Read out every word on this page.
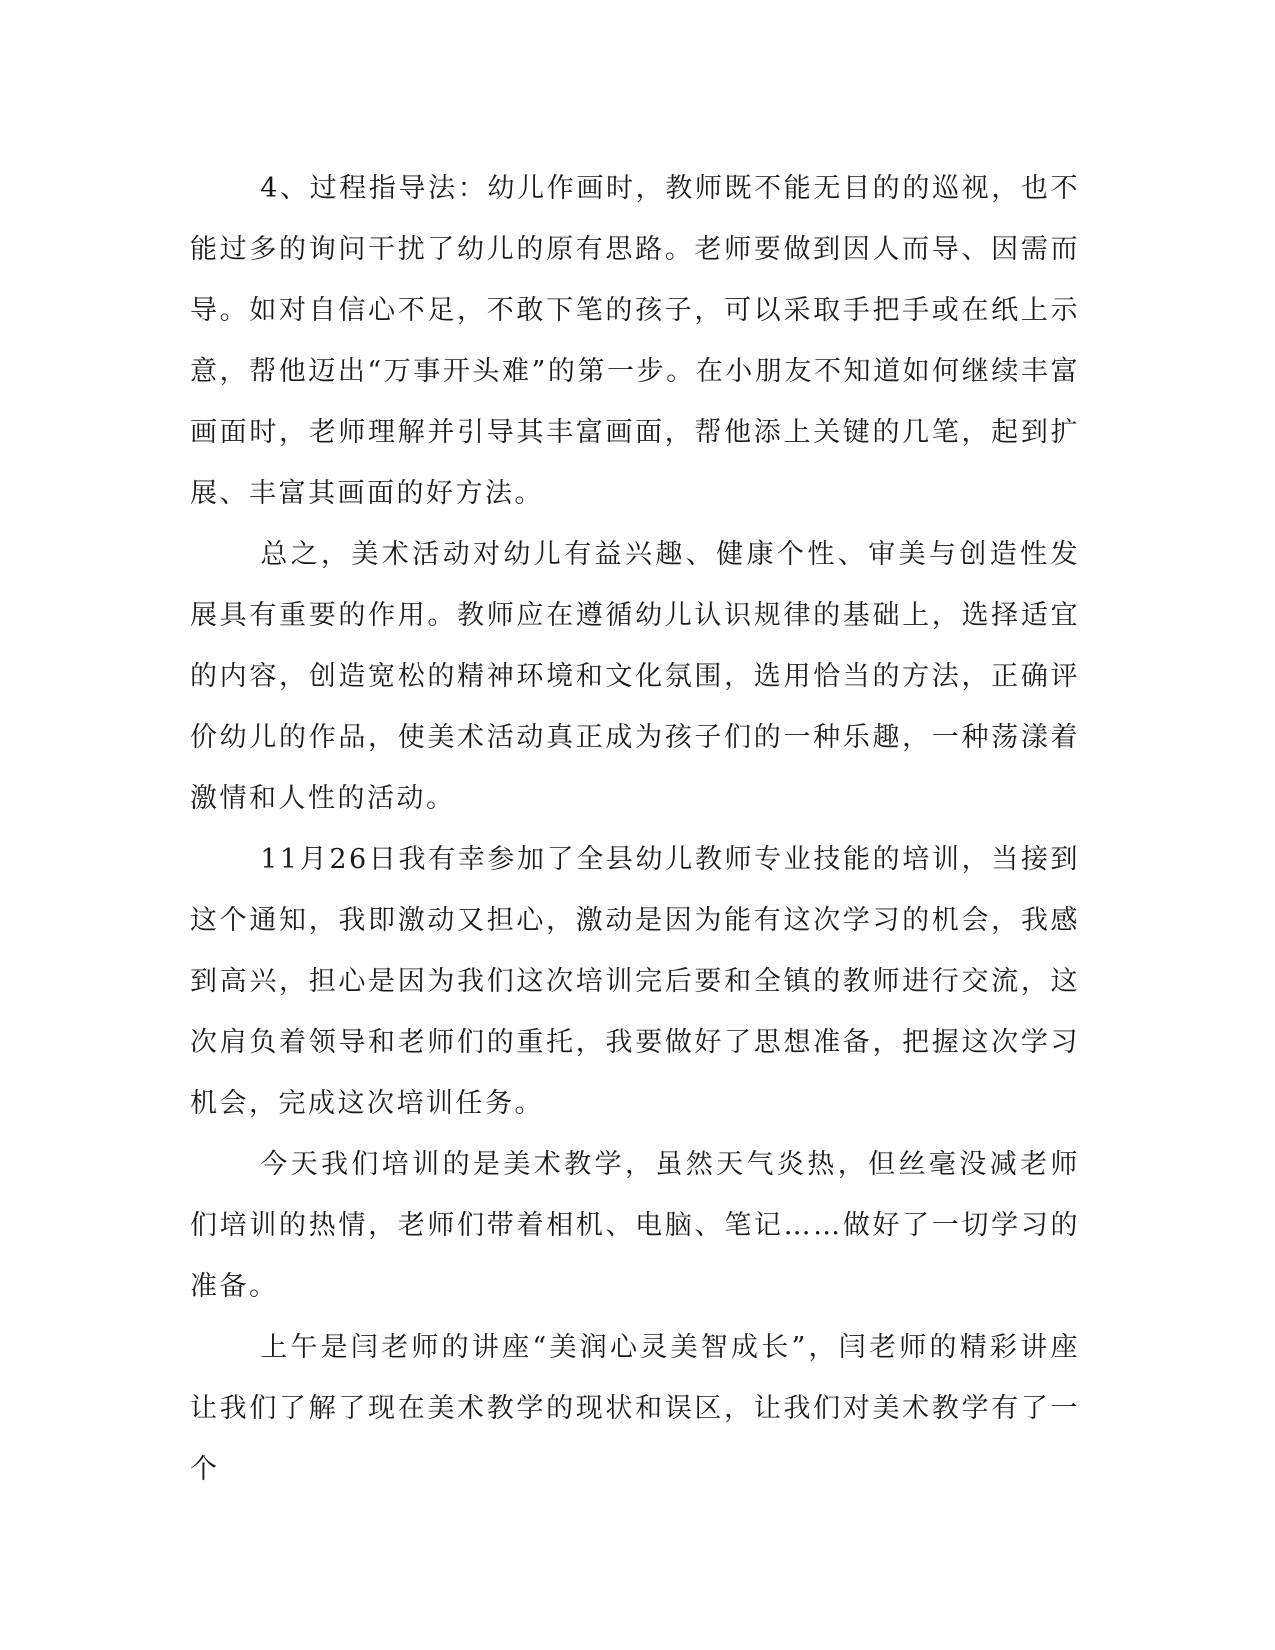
4、过程指导法：幼儿作画时，教师既不能无目的的巡视，也不能过多的询问干扰了幼儿的原有思路。老师要做到因人而导、因需而导。如对自信心不足，不敢下笔的孩子，可以采取手把手或在纸上示意，帮他迈出“万事开头难”的第一步。在小朋友不知道如何继续丰富画面时，老师理解并引导其丰富画面，帮他添上关键的几笔，起到扩展、丰富其画面的好方法。

总之，美术活动对幼儿有益兴趣、健康个性、审美与创造性发展具有重要的作用。教师应在遵循幼儿认识规律的基础上，选择适宜的内容，创造宽松的精神环境和文化氛围，选用恰当的方法，正确评价幼儿的作品，使美术活动真正成为孩子们的一种乐趣，一种荡漾着激情和人性的活动。

11月26日我有幸参加了全县幼儿教师专业技能的培训，当接到这个通知，我即激动又担心，激动是因为能有这次学习的机会，我感到高兴，担心是因为我们这次培训完后要和全镇的教师进行交流，这次肩负着领导和老师们的重托，我要做好了思想准备，把握这次学习机会，完成这次培训任务。

今天我们培训的是美术教学，虽然天气炎热，但丝毫没减老师们培训的热情，老师们带着相机、电脑、笔记……做好了一切学习的准备。

上午是闫老师的讲座“美润心灵美智成长”，闫老师的精彩讲座让我们了解了现在美术教学的现状和误区，让我们对美术教学有了一个
